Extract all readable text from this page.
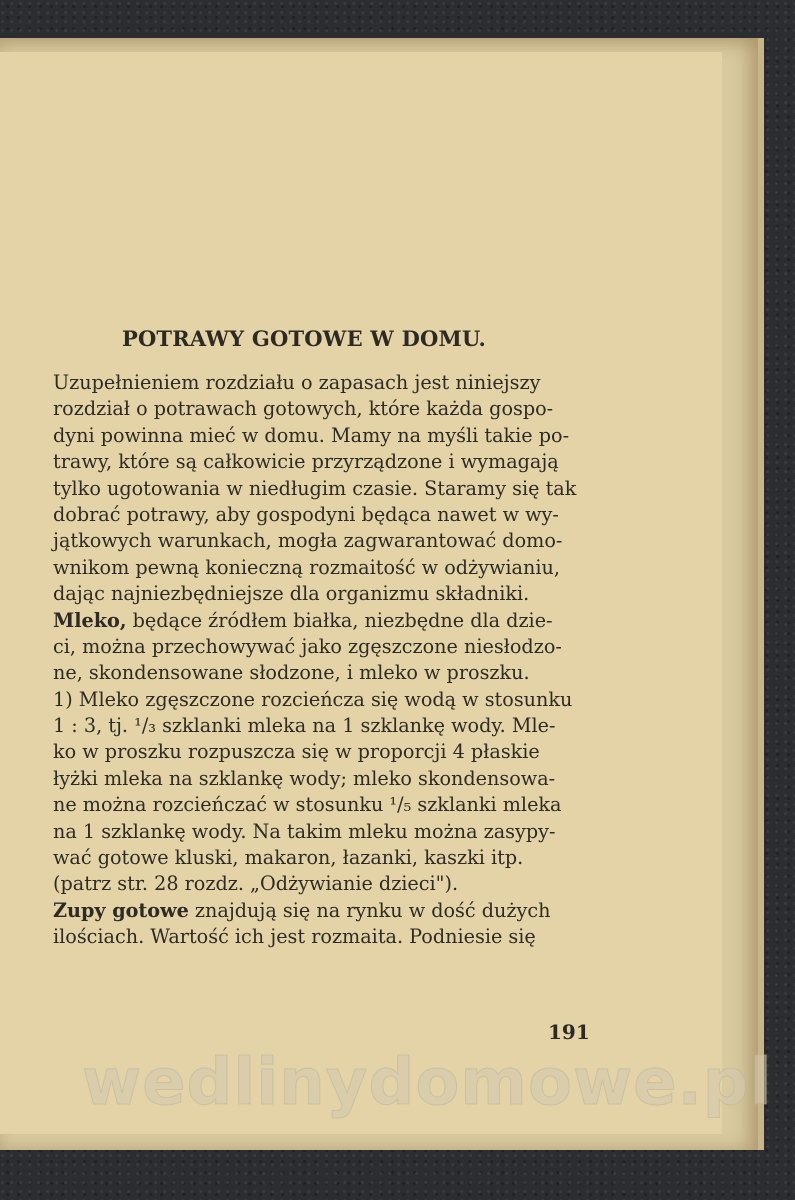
POTRAWY GOTOWE W DOMU.
Uzupełnieniem rozdziału o zapasach jest niniejszy
rozdział o potrawach gotowych, które każda gospo-
dyni powinna mieć w domu. Mamy na myśli takie po-
trawy, które są całkowicie przyrządzone i wymagają
tylko ugotowania w niedługim czasie. Staramy się tak
dobrać potrawy, aby gospodyni będąca nawet w wy-
jątkowych warunkach, mogła zagwarantować domo-
wnikom pewną konieczną rozmaitość w odżywianiu,
dając najniezbędniejsze dla organizmu składniki.
Mleko, będące źródłem białka, niezbędne dla dzie-
ci, można przechowywać jako zgęszczone niesłodzo-
ne, skondensowane słodzone, i mleko w proszku.
1) Mleko zgęszczone rozcieńcza się wodą w stosunku
1 : 3, tj. ¹/₃ szklanki mleka na 1 szklankę wody. Mle-
ko w proszku rozpuszcza się w proporcji 4 płaskie
łyżki mleka na szklankę wody; mleko skondensowa-
ne można rozcieńczać w stosunku ¹/₅ szklanki mleka
na 1 szklankę wody. Na takim mleku można zasypy-
wać gotowe kluski, makaron, łazanki, kaszki itp.
(patrz str. 28 rozdz. „Odżywianie dzieci").
Zupy gotowe znajdują się na rynku w dość dużych
ilościach. Wartość ich jest rozmaita. Podniesie się
191
wedlinydomowe.pl
